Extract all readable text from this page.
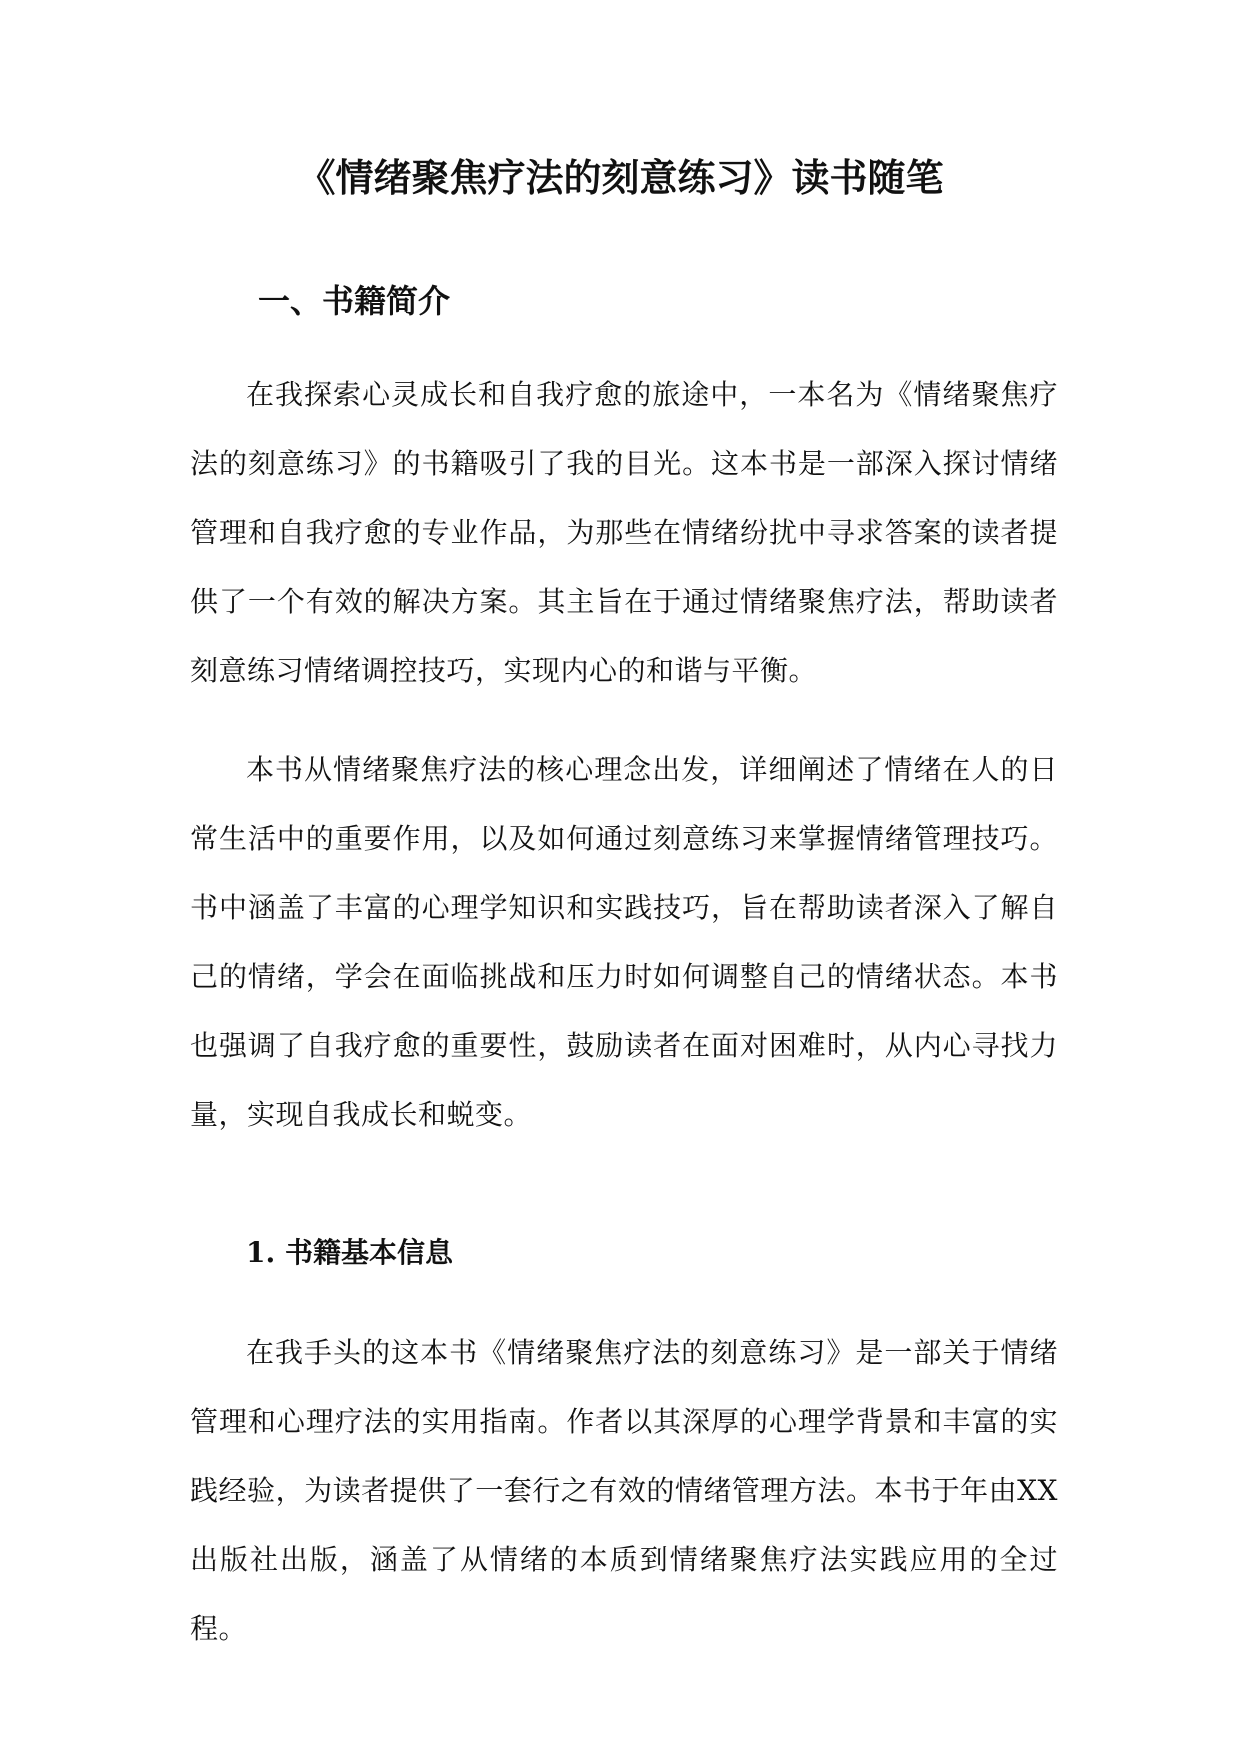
《情绪聚焦疗法的刻意练习》读书随笔
一、书籍简介

在我探索心灵成长和自我疗愈的旅途中，一本名为《情绪聚焦疗法的刻意练习》的书籍吸引了我的目光。这本书是一部深入探讨情绪管理和自我疗愈的专业作品，为那些在情绪纷扰中寻求答案的读者提供了一个有效的解决方案。其主旨在于通过情绪聚焦疗法，帮助读者刻意练习情绪调控技巧，实现内心的和谐与平衡。

本书从情绪聚焦疗法的核心理念出发，详细阐述了情绪在人的日常生活中的重要作用，以及如何通过刻意练习来掌握情绪管理技巧。书中涵盖了丰富的心理学知识和实践技巧，旨在帮助读者深入了解自己的情绪，学会在面临挑战和压力时如何调整自己的情绪状态。本书也强调了自我疗愈的重要性，鼓励读者在面对困难时，从内心寻找力量，实现自我成长和蜕变。

1. 书籍基本信息

在我手头的这本书《情绪聚焦疗法的刻意练习》是一部关于情绪管理和心理疗法的实用指南。作者以其深厚的心理学背景和丰富的实践经验，为读者提供了一套行之有效的情绪管理方法。本书于年由XX出版社出版，涵盖了从情绪的本质到情绪聚焦疗法实践应用的全过程。
